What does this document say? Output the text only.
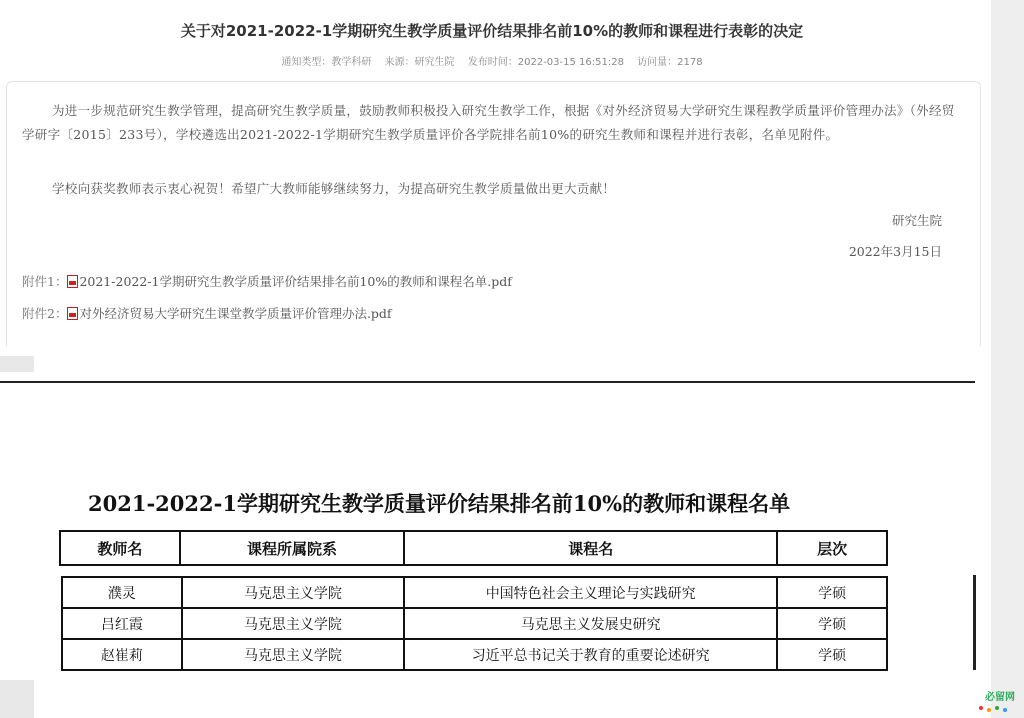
关于对2021-2022-1学期研究生教学质量评价结果排名前10%的教师和课程进行表彰的决定
通知类型：教学科研 来源：研究生院 发布时间：2022-03-15 16:51:28 访问量：2178

为进一步规范研究生教学管理，提高研究生教学质量，鼓励教师积极投入研究生教学工作，根据《对外经济贸易大学研究生课程教学质量评价管理办法》（外经贸学研字〔2015〕233号），学校遴选出2021-2022-1学期研究生教学质量评价各学院排名前10%的研究生教师和课程并进行表彰，名单见附件。

学校向获奖教师表示衷心祝贺！希望广大教师能够继续努力，为提高研究生教学质量做出更大贡献！

研究生院
2022年3月15日
附件1： 2021-2022-1学期研究生教学质量评价结果排名前10%的教师和课程名单.pdf
附件2： 对外经济贸易大学研究生课堂教学质量评价管理办法.pdf
2021-2022-1学期研究生教学质量评价结果排名前10%的教师和课程名单
教师名	课程所属院系	课程名	层次
濮灵	马克思主义学院	中国特色社会主义理论与实践研究	学硕
吕红霞	马克思主义学院	马克思主义发展史研究	学硕
赵崔莉	马克思主义学院	习近平总书记关于教育的重要论述研究	学硕
必留网
